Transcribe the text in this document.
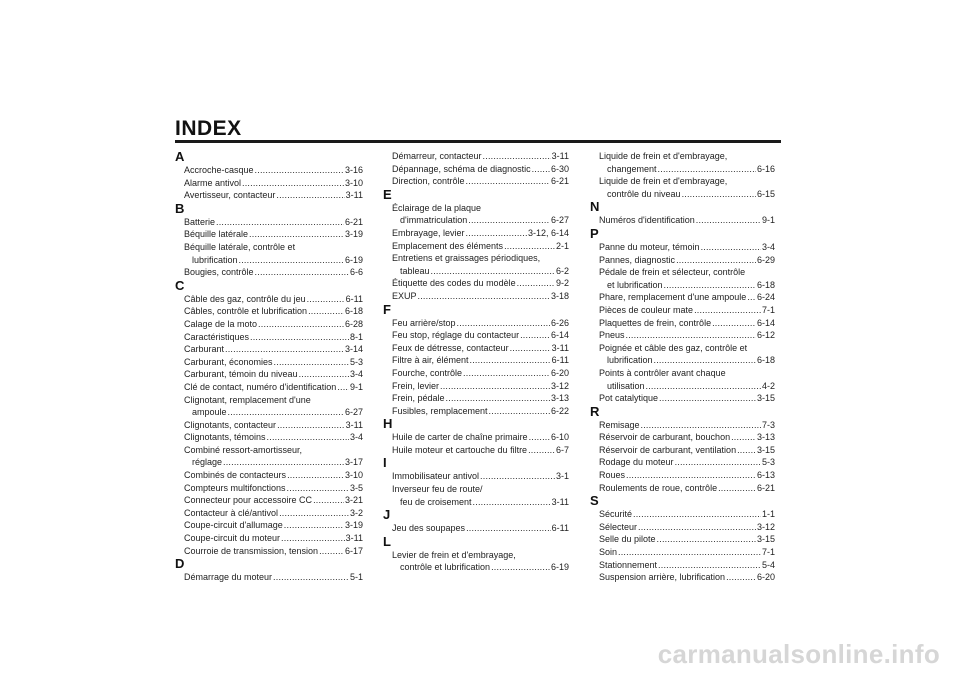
INDEX
A
Accroche-casque .....	3-16
Alarme antivol .....	3-10
Avertisseur, contacteur .....	3-11
B
Batterie .....	6-21
Béquille latérale .....	3-19
Béquille latérale, contrôle et
lubrification .....	6-19
Bougies, contrôle .....	6-6
C
Câble des gaz, contrôle du jeu .....	6-11
Câbles, contrôle et lubrification .....	6-18
Calage de la moto .....	6-28
Caractéristiques .....	8-1
Carburant .....	3-14
Carburant, économies .....	5-3
Carburant, témoin du niveau .....	3-4
Clé de contact, numéro d'identification ..... 9-1
Clignotant, remplacement d'une
ampoule .....	6-27
Clignotants, contacteur .....	3-11
Clignotants, témoins .....	3-4
Combiné ressort-amortisseur,
réglage .....	3-17
Combinés de contacteurs .....	3-10
Compteurs multifonctions .....	3-5
Connecteur pour accessoire CC .....	3-21
Contacteur à clé/antivol .....	3-2
Coupe-circuit d'allumage .....	3-19
Coupe-circuit du moteur .....	3-11
Courroie de transmission, tension .....	6-17
D
Démarrage du moteur .....	5-1
Démarreur, contacteur .....	3-11
Dépannage, schéma de diagnostic ..... 6-30
Direction, contrôle .....	6-21
E
Éclairage de la plaque
d'immatriculation .....	6-27
Embrayage, levier .....	3-12, 6-14
Emplacement des éléments .....	2-1
Entretiens et graissages périodiques,
tableau .....	6-2
Étiquette des codes du modèle .....	9-2
EXUP .....	3-18
F
Feu arrière/stop .....	6-26
Feu stop, réglage du contacteur .....	6-14
Feux de détresse, contacteur .....	3-11
Filtre à air, élément .....	6-11
Fourche, contrôle .....	6-20
Frein, levier .....	3-12
Frein, pédale .....	3-13
Fusibles, remplacement .....	6-22
H
Huile de carter de chaîne primaire .....	6-10
Huile moteur et cartouche du filtre .....	6-7
I
Immobilisateur antivol .....	3-1
Inverseur feu de route/
feu de croisement .....	3-11
J
Jeu des soupapes .....	6-11
L
Levier de frein et d'embrayage,
contrôle et lubrification .....	6-19
Liquide de frein et d'embrayage,
changement .....	6-16
Liquide de frein et d'embrayage,
contrôle du niveau .....	6-15
N
Numéros d'identification .....	9-1
P
Panne du moteur, témoin .....	3-4
Pannes, diagnostic .....	6-29
Pédale de frein et sélecteur, contrôle
et lubrification .....	6-18
Phare, remplacement d'une ampoule ..... 6-24
Pièces de couleur mate .....	7-1
Plaquettes de frein, contrôle .....	6-14
Pneus .....	6-12
Poignée et câble des gaz, contrôle et
lubrification .....	6-18
Points à contrôler avant chaque
utilisation .....	4-2
Pot catalytique .....	3-15
R
Remisage .....	7-3
Réservoir de carburant, bouchon .....	3-13
Réservoir de carburant, ventilation ..... 3-15
Rodage du moteur .....	5-3
Roues .....	6-13
Roulements de roue, contrôle .....	6-21
S
Sécurité .....	1-1
Sélecteur .....	3-12
Selle du pilote .....	3-15
Soin .....	7-1
Stationnement .....	5-4
Suspension arrière, lubrification .....	6-20
carmanualsonline.info
